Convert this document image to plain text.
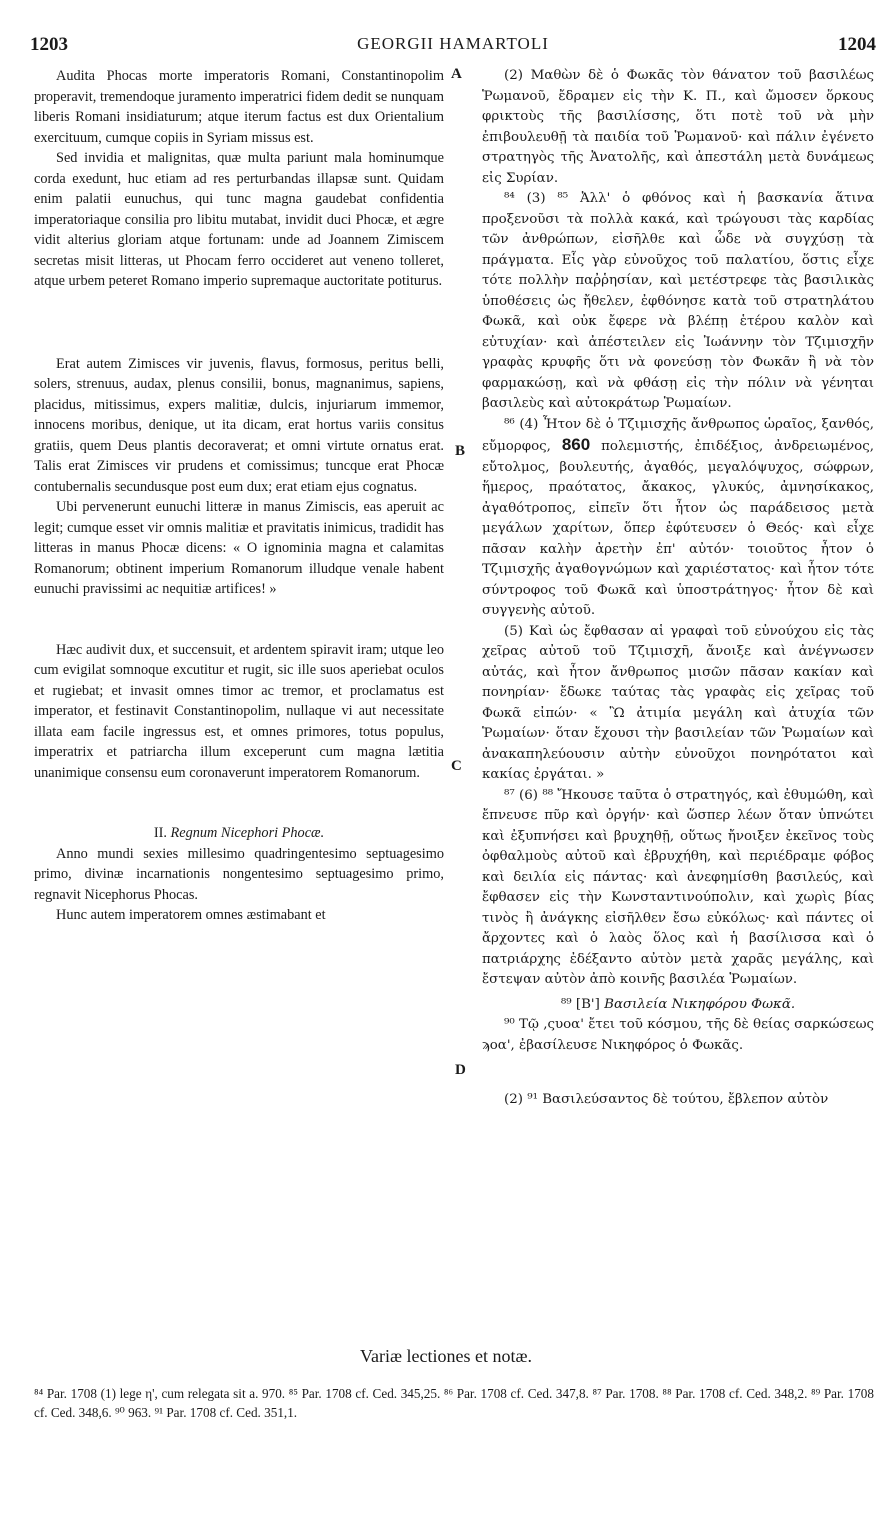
1203	GEORGII HAMARTOLI	1204
A
B
C
D

Audita Phocas morte imperatoris Romani, Constantinopolim properavit, tremendoque juramento imperatrici fidem dedit se nunquam liberis Romani insidiaturum; atque iterum factus est dux Orientalium exercituum, cumque copiis in Syriam missus est.

Sed invidia et malignitas, quæ multa pariunt mala hominumque corda exedunt, huc etiam ad res perturbandas illapsæ sunt. Quidam enim palatii eunuchus, qui tunc magna gaudebat confidentia imperatoriaque consilia pro libitu mutabat, invidit duci Phocæ, et ægre vidit alterius gloriam atque fortunam: unde ad Joannem Zimiscem secretas misit litteras, ut Phocam ferro occideret aut veneno tolleret, atque urbem peteret Romano imperio supremaque auctoritate potiturus.

Erat autem Zimisces vir juvenis, flavus, formosus, peritus belli, solers, strenuus, audax, plenus consilii, bonus, magnanimus, sapiens, placidus, mitissimus, expers malitiæ, dulcis, injuriarum immemor, innocens moribus, denique, ut ita dicam, erat hortus variis consitus gratiis, quem Deus plantis decoraverat; et omni virtute ornatus erat. Talis erat Zimisces vir prudens et comissimus; tuncque erat Phocæ contubernalis secundusque post eum dux; erat etiam ejus cognatus.

Ubi pervenerunt eunuchi litteræ in manus Zimiscis, eas aperuit ac legit; cumque esset vir omnis malitiæ et pravitatis inimicus, tradidit has litteras in manus Phocæ dicens: « O ignominia magna et calamitas Romanorum; obtinent imperium Romanorum illudque venale habent eunuchi pravissimi ac nequitiæ artifices! »

Hæc audivit dux, et succensuit, et ardentem spiravit iram; utque leo cum evigilat somnoque excutitur et rugit, sic ille suos aperiebat oculos et rugiebat; et invasit omnes timor ac tremor, et proclamatus est imperator, et festinavit Constantinopolim, nullaque vi aut necessitate illata eam facile ingressus est, et omnes primores, totus populus, imperatrix et patriarcha illum exceperunt cum magna lætitia unanimique consensu eum coronaverunt imperatorem Romanorum.

II. Regnum Nicephori Phocæ.

Anno mundi sexies millesimo quadringentesimo septuagesimo primo, divinæ incarnationis nongentesimo septuagesimo primo, regnavit Nicephorus Phocas.

Hunc autem imperatorem omnes æstimabant et

(2) Μαθὼν δὲ ὁ Φωκᾶς τὸν θάνατον τοῦ βασιλέως Ῥωμανοῦ, ἔδραμεν εἰς τὴν Κ. Π., καὶ ὤμοσεν ὅρκους φρικτοὺς τῆς βασιλίσσης, ὅτι ποτὲ τοῦ νὰ μὴν ἐπιβουλευθῇ τὰ παιδία τοῦ Ῥωμανοῦ· καὶ πάλιν ἐγένετο στρατηγὸς τῆς Ἀνατολῆς, καὶ ἀπεστάλη μετὰ δυνάμεως εἰς Συρίαν.

⁸⁴ (3) ⁸⁵ Ἀλλ' ὁ φθόνος καὶ ἡ βασκανία ἅτινα προξενοῦσι τὰ πολλὰ κακά, καὶ τρώγουσι τὰς καρδίας τῶν ἀνθρώπων, εἰσῆλθε καὶ ὧδε νὰ συγχύσῃ τὰ πράγματα. Εἷς γὰρ εὐνοῦχος τοῦ παλατίου, ὅστις εἶχε τότε πολλὴν παῤῥησίαν, καὶ μετέστρεφε τὰς βασιλικὰς ὑποθέσεις ὡς ἤθελεν, ἐφθόνησε κατὰ τοῦ στρατηλάτου Φωκᾶ, καὶ οὐκ ἔφερε νὰ βλέπῃ ἑτέρου καλὸν καὶ εὐτυχίαν· καὶ ἀπέστειλεν εἰς Ἰωάννην τὸν Τζιμισχῆν γραφὰς κρυφῆς ὅτι νὰ φονεύσῃ τὸν Φωκᾶν ἢ νὰ τὸν φαρμακώσῃ, καὶ νὰ φθάσῃ εἰς τὴν πόλιν νὰ γένηται βασιλεὺς καὶ αὐτοκράτωρ Ῥωμαίων.

⁸⁶ (4) Ἦτον δὲ ὁ Τζιμισχῆς ἄνθρωπος ὡραῖος, ξανθός, εὔμορφος, 860 πολεμιστής, ἐπιδέξιος, ἀνδρειωμένος, εὔτολμος, βουλευτής, ἀγαθός, μεγαλόψυχος, σώφρων, ἥμερος, πραότατος, ἄκακος, γλυκύς, ἀμνησίκακος, ἀγαθότροπος, εἰπεῖν ὅτι ἦτον ὡς παράδεισος μετὰ μεγάλων χαρίτων, ὅπερ ἐφύτευσεν ὁ Θεός· καὶ εἶχε πᾶσαν καλὴν ἀρετὴν ἐπ' αὐτόν· τοιοῦτος ἦτον ὁ Τζιμισχῆς ἀγαθογνώμων καὶ χαριέστατος· καὶ ἦτον τότε σύντροφος τοῦ Φωκᾶ καὶ ὑποστράτηγος· ἦτον δὲ καὶ συγγενὴς αὐτοῦ.

(5) Καὶ ὡς ἔφθασαν αἱ γραφαὶ τοῦ εὐνούχου εἰς τὰς χεῖρας αὐτοῦ τοῦ Τζιμισχῆ, ἄνοιξε καὶ ἀνέγνωσεν αὐτάς, καὶ ἦτον ἄνθρωπος μισῶν πᾶσαν κακίαν καὶ πονηρίαν· ἔδωκε ταύτας τὰς γραφὰς εἰς χεῖρας τοῦ Φωκᾶ εἰπών· « Ὢ ἀτιμία μεγάλη καὶ ἀτυχία τῶν Ῥωμαίων· ὅταν ἔχουσι τὴν βασιλείαν τῶν Ῥωμαίων καὶ ἀνακαπηλεύουσιν αὐτὴν εὐνοῦχοι πονηρότατοι καὶ κακίας ἐργάται. »

⁸⁷ (6) ⁸⁸ Ἤκουσε ταῦτα ὁ στρατηγός, καὶ ἐθυμώθη, καὶ ἔπνευσε πῦρ καὶ ὀργήν· καὶ ὥσπερ λέων ὅταν ὑπνώτει καὶ ἐξυπνήσει καὶ βρυχηθῇ, οὕτως ἤνοιξεν ἐκεῖνος τοὺς ὀφθαλμοὺς αὐτοῦ καὶ ἐβρυχήθη, καὶ περιέδραμε φόβος καὶ δειλία εἰς πάντας· καὶ ἀνεφημίσθη βασιλεύς, καὶ ἔφθασεν εἰς τὴν Κωνσταντινούπολιν, καὶ χωρὶς βίας τινὸς ἢ ἀνάγκης εἰσῆλθεν ἔσω εὐκόλως· καὶ πάντες οἱ ἄρχοντες καὶ ὁ λαὸς ὅλος καὶ ἡ βασίλισσα καὶ ὁ πατριάρχης ἐδέξαντο αὐτὸν μετὰ χαρᾶς μεγάλης, καὶ ἔστεψαν αὐτὸν ἀπὸ κοινῆς βασιλέα Ῥωμαίων.

⁸⁹ [Β'] Βασιλεία Νικηφόρου Φωκᾶ.

⁹⁰ Τῷ ,ςυοα' ἔτει τοῦ κόσμου, τῆς δὲ θείας σαρκώσεως ϡοα', ἐβασίλευσε Νικηφόρος ὁ Φωκᾶς.

(2) ⁹¹ Βασιλεύσαντος δὲ τούτου, ἔβλεπον αὐτὸν

Variæ lectiones et notæ.
⁸⁴ Par. 1708 (1) lege η', cum relegata sit a. 970. ⁸⁵ Par. 1708 cf. Ced. 345,25. ⁸⁶ Par. 1708 cf. Ced. 347,8. ⁸⁷ Par. 1708. ⁸⁸ Par. 1708 cf. Ced. 348,2. ⁸⁹ Par. 1708 cf. Ced. 348,6. ⁹⁰ 963. ⁹¹ Par. 1708 cf. Ced. 351,1.
